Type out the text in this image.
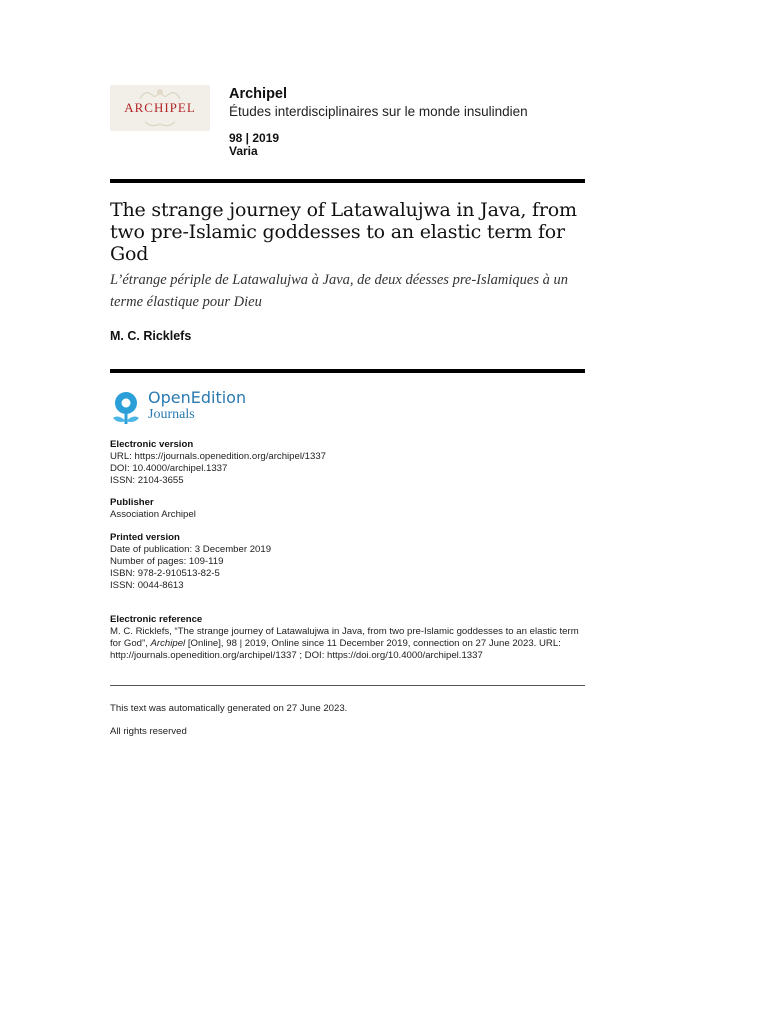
ARCHIPEL
Archipel
Études interdisciplinaires sur le monde insulindien
98 | 2019
Varia
The strange journey of Latawalujwa in Java, from two pre-Islamic goddesses to an elastic term for God
L’étrange périple de Latawalujwa à Java, de deux déesses pre-Islamiques à un terme élastique pour Dieu
M. C. Ricklefs
OpenEdition
Journals
Electronic version
URL: https://journals.openedition.org/archipel/1337
DOI: 10.4000/archipel.1337
ISSN: 2104-3655
Publisher
Association Archipel
Printed version
Date of publication: 3 December 2019
Number of pages: 109-119
ISBN: 978-2-910513-82-5
ISSN: 0044-8613
Electronic reference
M. C. Ricklefs, “The strange journey of Latawalujwa in Java, from two pre-Islamic goddesses to an elastic term for God”, Archipel [Online], 98 | 2019, Online since 11 December 2019, connection on 27 June 2023. URL: http://journals.openedition.org/archipel/1337 ; DOI: https://doi.org/10.4000/archipel.1337
This text was automatically generated on 27 June 2023.
All rights reserved
